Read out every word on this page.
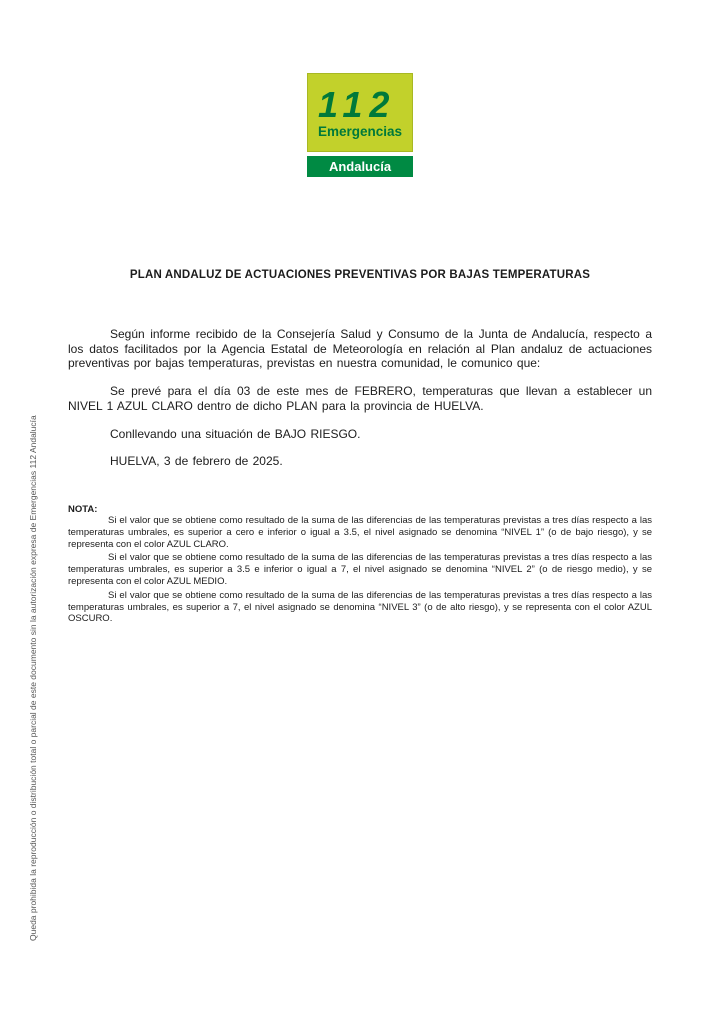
112
Emergencias
Andalucía

PLAN ANDALUZ DE ACTUACIONES PREVENTIVAS POR BAJAS TEMPERATURAS

Según informe recibido de la Consejería Salud y Consumo de la Junta de Andalucía, respecto a los datos facilitados por la Agencia Estatal de Meteorología en relación al Plan andaluz de actuaciones preventivas por bajas temperaturas, previstas en nuestra comunidad, le comunico que:

Se prevé para el día 03 de este mes de FEBRERO, temperaturas que llevan a establecer un NIVEL 1 AZUL CLARO dentro de dicho PLAN para la provincia de HUELVA.

Conllevando una situación de BAJO RIESGO.

HUELVA, 3 de febrero de 2025.

NOTA:

Si el valor que se obtiene como resultado de la suma de las diferencias de las temperaturas previstas a tres días respecto a las temperaturas umbrales, es superior a cero e inferior o igual a 3.5, el nivel asignado se denomina “NIVEL 1” (o de bajo riesgo), y se representa con el color AZUL CLARO.

Si el valor que se obtiene como resultado de la suma de las diferencias de las temperaturas previstas a tres días respecto a las temperaturas umbrales, es superior a 3.5 e inferior o igual a 7, el nivel asignado se denomina “NIVEL 2” (o de riesgo medio), y se representa con el color AZUL MEDIO.

Si el valor que se obtiene como resultado de la suma de las diferencias de las temperaturas previstas a tres días respecto a las temperaturas umbrales, es superior a 7, el nivel asignado se denomina “NIVEL 3” (o de alto riesgo), y se representa con el color AZUL OSCURO.

Queda prohibida la reproducción o distribución total o parcial de este documento sin la autorización expresa de Emergencias 112 Andalucía
